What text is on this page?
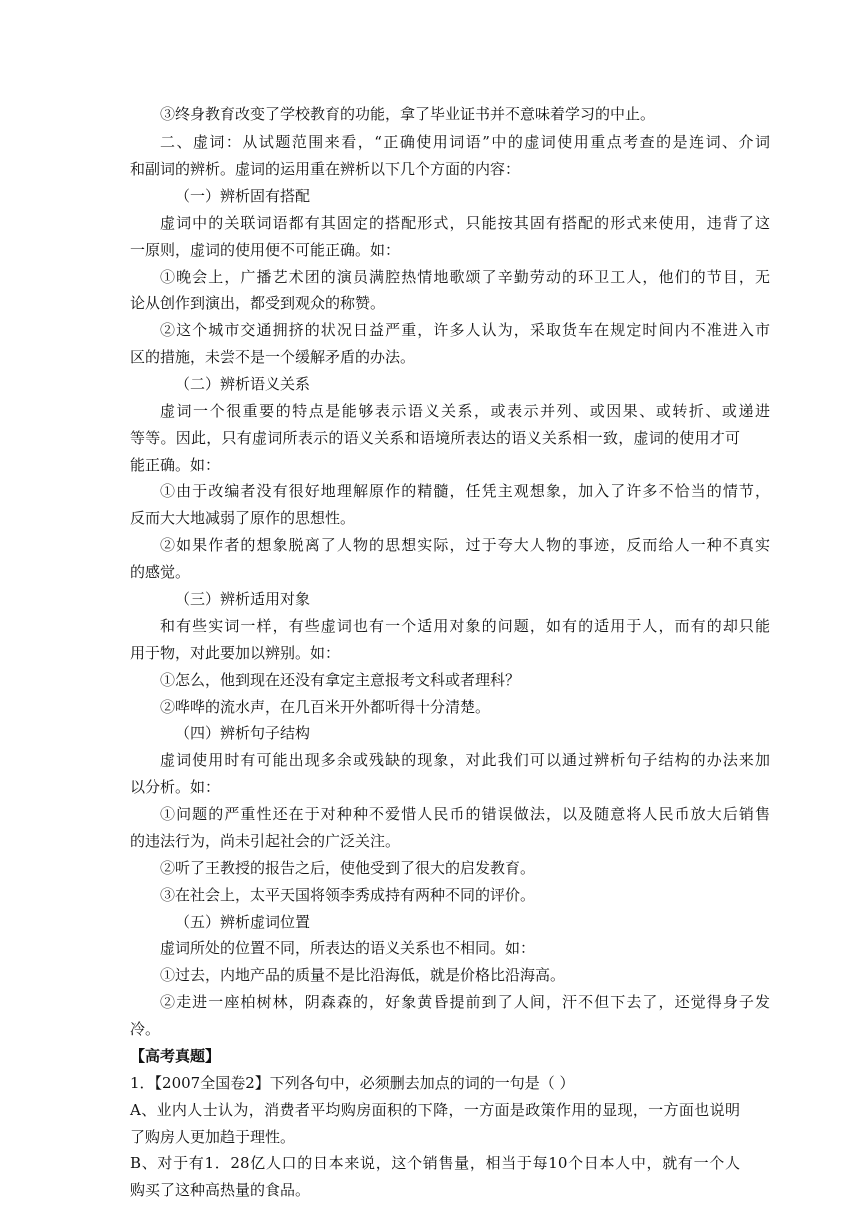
③终身教育改变了学校教育的功能，拿了毕业证书并不意味着学习的中止。

二、虚词：从试题范围来看，“正确使用词语”中的虚词使用重点考查的是连词、介词

和副词的辨析。虚词的运用重在辨析以下几个方面的内容：

（一）辨析固有搭配

虚词中的关联词语都有其固定的搭配形式，只能按其固有搭配的形式来使用，违背了这

一原则，虚词的使用便不可能正确。如：

①晚会上，广播艺术团的演员满腔热情地歌颂了辛勤劳动的环卫工人，他们的节目，无

论从创作到演出，都受到观众的称赞。

②这个城市交通拥挤的状况日益严重，许多人认为，采取货车在规定时间内不准进入市

区的措施，未尝不是一个缓解矛盾的办法。

（二）辨析语义关系

虚词一个很重要的特点是能够表示语义关系，或表示并列、或因果、或转折、或递进

等等。因此，只有虚词所表示的语义关系和语境所表达的语义关系相一致，虚词的使用才可

能正确。如：

①由于改编者没有很好地理解原作的精髓，任凭主观想象，加入了许多不恰当的情节，

反而大大地减弱了原作的思想性。

②如果作者的想象脱离了人物的思想实际，过于夸大人物的事迹，反而给人一种不真实

的感觉。

（三）辨析适用对象

和有些实词一样，有些虚词也有一个适用对象的问题，如有的适用于人，而有的却只能

用于物，对此要加以辨别。如：

①怎么，他到现在还没有拿定主意报考文科或者理科？

②哗哗的流水声，在几百米开外都听得十分清楚。

（四）辨析句子结构

虚词使用时有可能出现多余或残缺的现象，对此我们可以通过辨析句子结构的办法来加

以分析。如：

①问题的严重性还在于对种种不爱惜人民币的错误做法，以及随意将人民币放大后销售

的违法行为，尚未引起社会的广泛关注。

②听了王教授的报告之后，使他受到了很大的启发教育。

③在社会上，太平天国将领李秀成持有两种不同的评价。

（五）辨析虚词位置

虚词所处的位置不同，所表达的语义关系也不相同。如：

①过去，内地产品的质量不是比沿海低，就是价格比沿海高。

②走进一座柏树林，阴森森的，好象黄昏提前到了人间，汗不但下去了，还觉得身子发

冷。

【高考真题】

1．【2007全国卷2】下列各句中，必须删去加点的词的一句是（ ）

A、业内人士认为，消费者平均购房面积的下降，一方面是政策作用的显现，一方面也说明

了购房人更加趋于理性。

B、对于有1．28亿人口的日本来说，这个销售量，相当于每10个日本人中，就有一个人

购买了这种高热量的食品。
